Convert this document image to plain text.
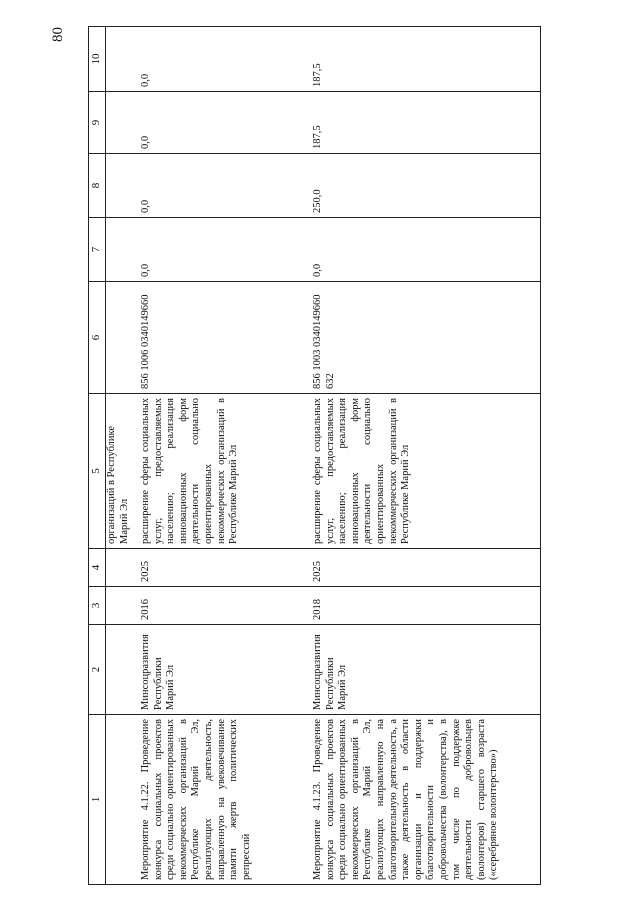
80
1	2	3	4	5	6	7	8	9	10
				организаций в Республике Марий Эл					
Мероприятие 4.1.22. Проведение конкурса социальных проектов среди социально ориентированных некоммерческих организаций в Республике Марий Эл, реализующих деятельность, направленную на увековечивание памяти жертв политических репрессий	Минсоцразвития Республики Марий Эл	2016	2025	расширение сферы социальных услуг, предоставляемых населению; реализация инновационных форм деятельности социально ориентированных некоммерческих организаций в Республике Марий Эл	856 1006 0340149660	0,0	0,0	0,0	0,0
Мероприятие 4.1.23. Проведение конкурса социальных проектов среди социально ориентированных некоммерческих организаций в Республике Марий Эл, реализующих направленную на благотворительную деятельность, а также деятельность в области организации и поддержки благотворительности и добровольчества (волонтерства), в том числе по поддержке деятельности добровольцев (волонтеров) старшего возраста («серебряное волонтерство»)	Минсоцразвития Республики Марий Эл	2018	2025	расширение сферы социальных услуг, предоставляемых населению; реализация инновационных форм деятельности социально ориентированных некоммерческих организаций в Республике Марий Эл	856 1003 0340149660 632	0,0	250,0	187,5	187,5
